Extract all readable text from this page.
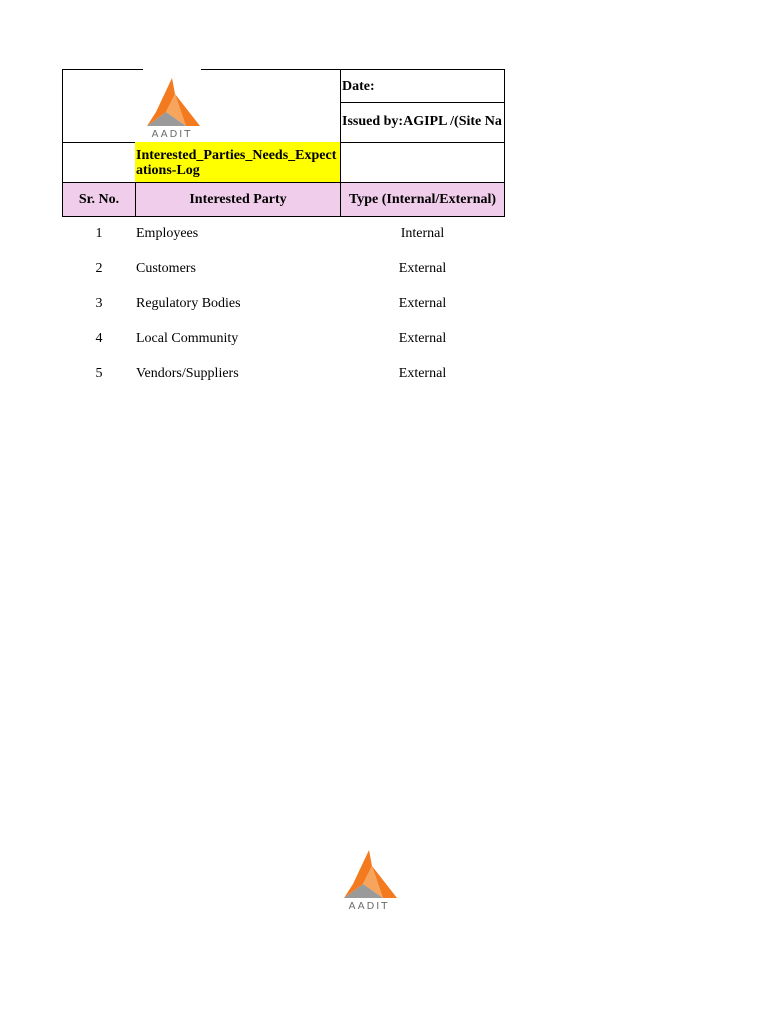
AADIT
Date:
Issued by:AGIPL /(Site Na
Interested_Parties_Needs_Expectations-Log
Sr. No.	Interested Party	Type (Internal/External)
1	Employees	Internal
2	Customers	External
3	Regulatory Bodies	External
4	Local Community	External
5	Vendors/Suppliers	External
AADIT
